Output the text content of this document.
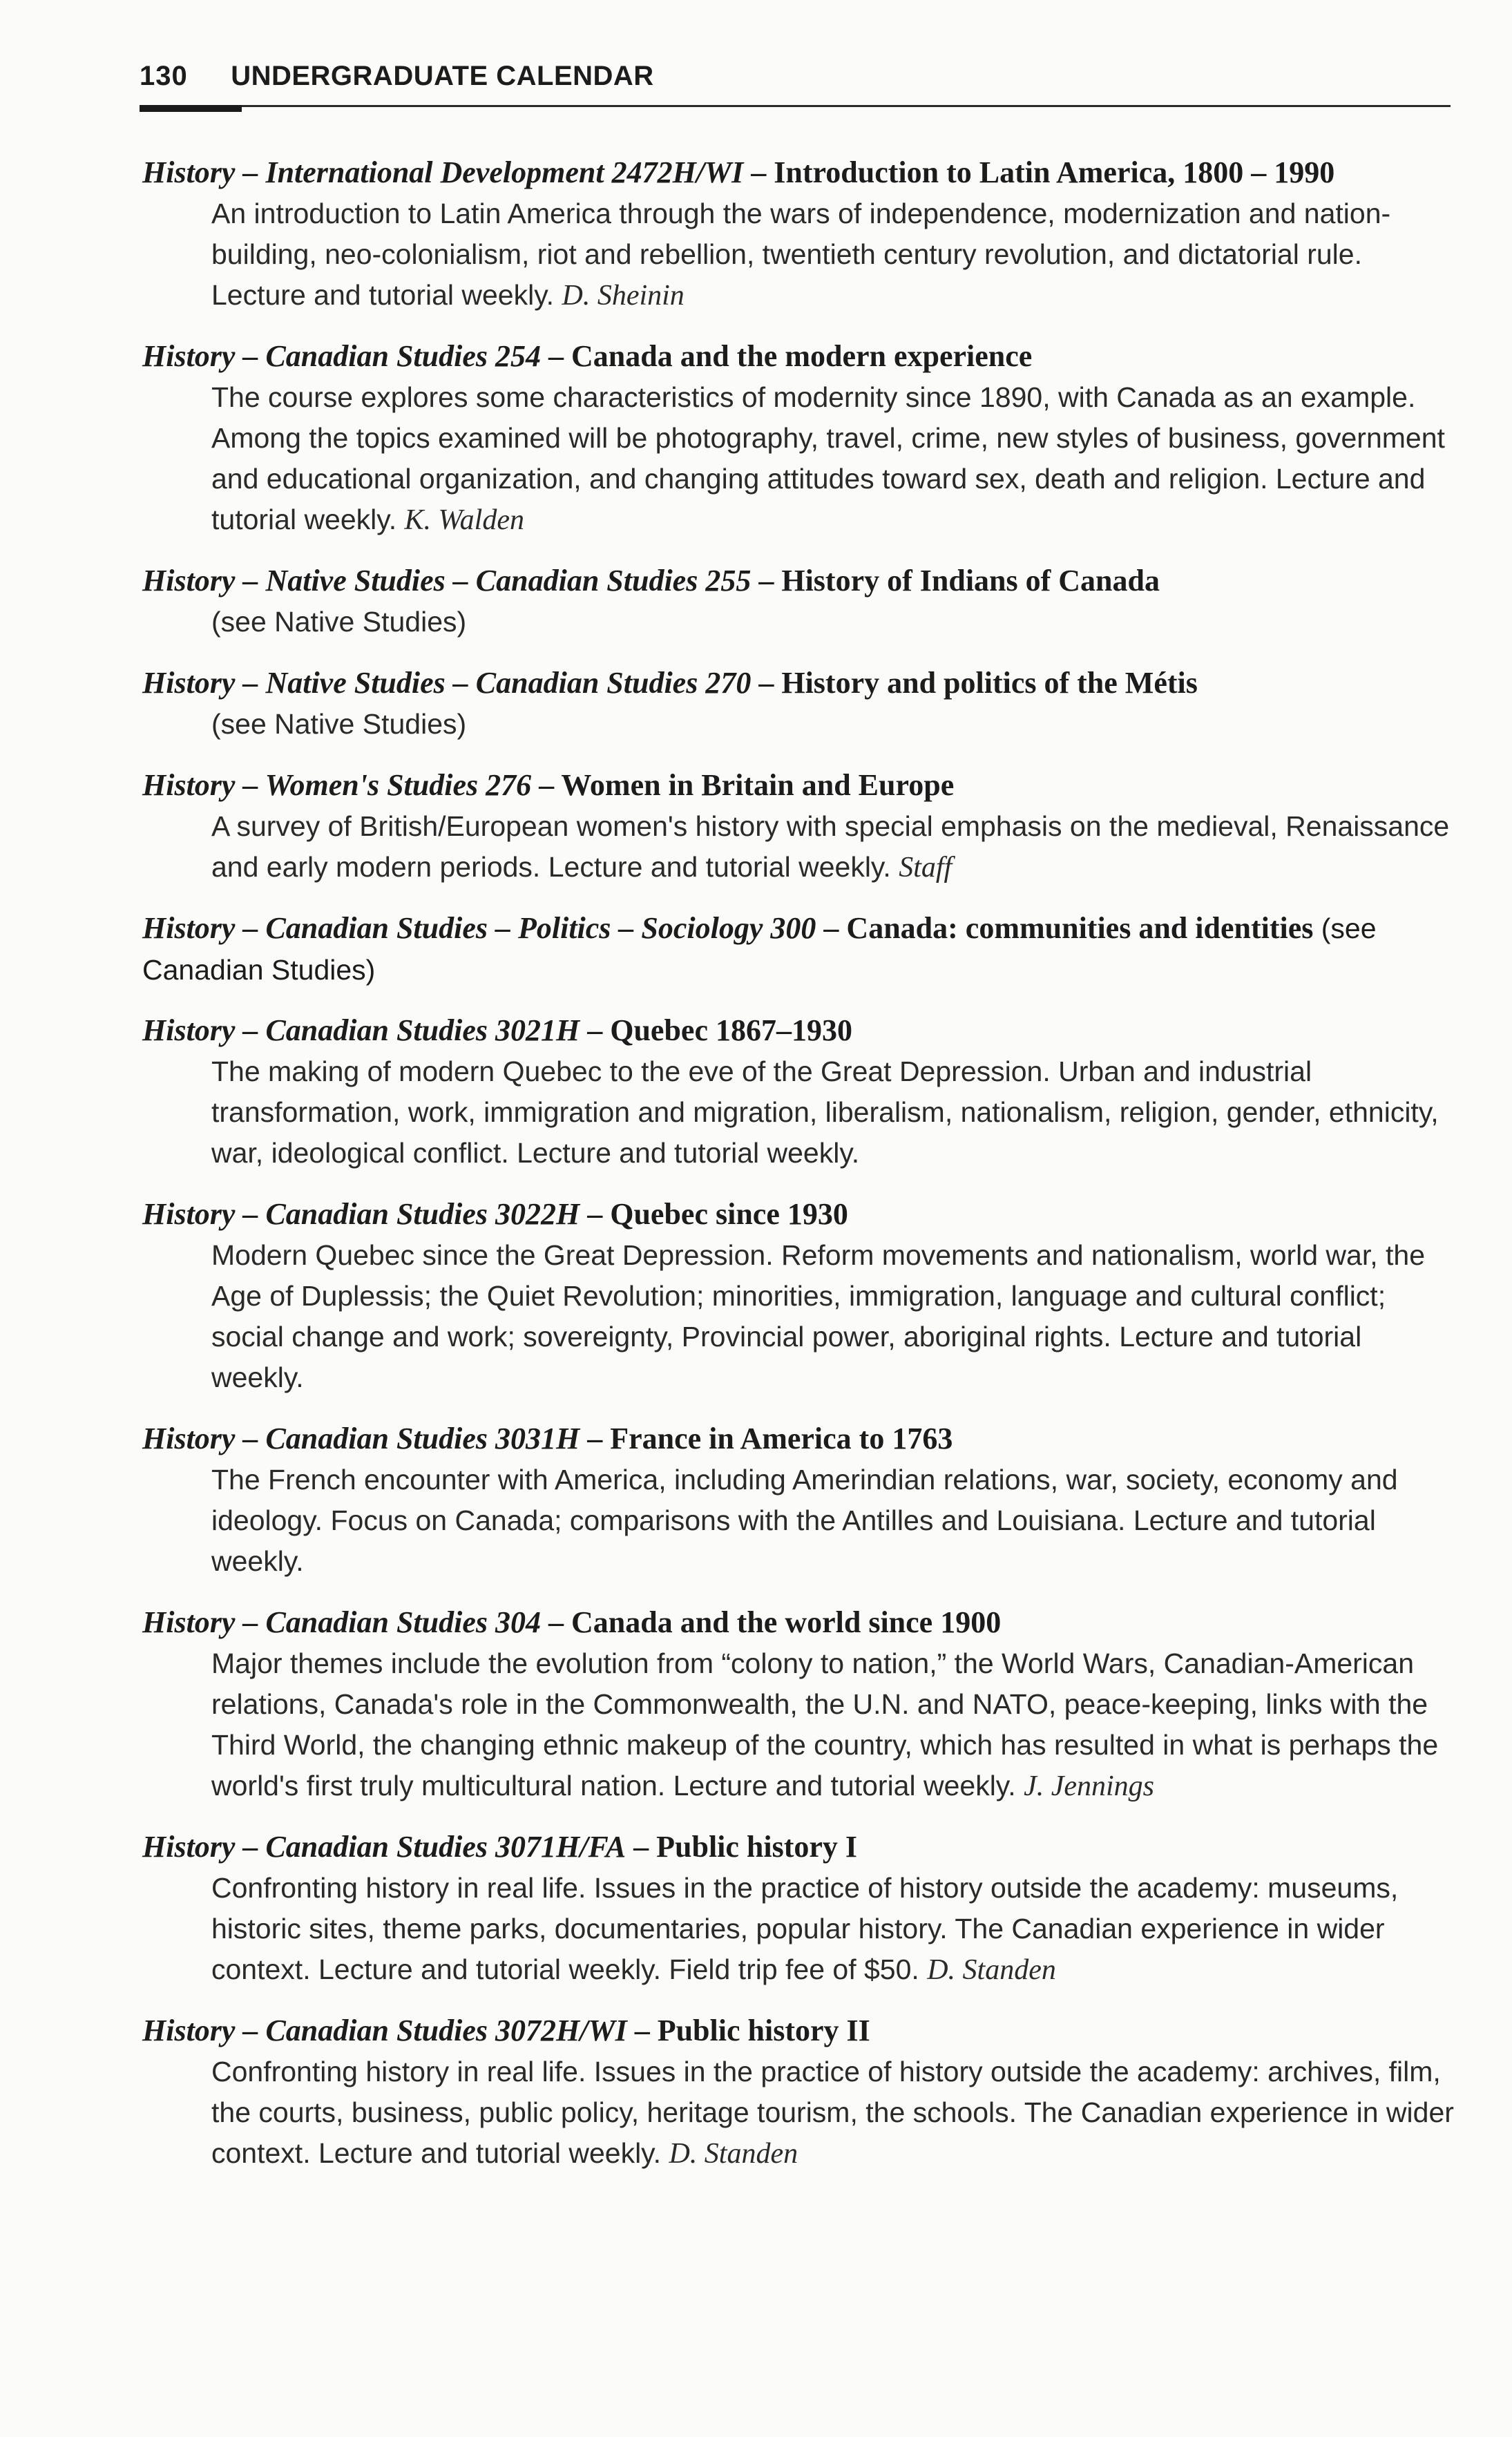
130 UNDERGRADUATE CALENDAR
History – International Development 2472H/WI – Introduction to Latin America, 1800 – 1990
An introduction to Latin America through the wars of independence, modernization and nation-building, neo-colonialism, riot and rebellion, twentieth century revolution, and dictatorial rule. Lecture and tutorial weekly. D. Sheinin
History – Canadian Studies 254 – Canada and the modern experience
The course explores some characteristics of modernity since 1890, with Canada as an example. Among the topics examined will be photography, travel, crime, new styles of business, government and educational organization, and changing attitudes toward sex, death and religion. Lecture and tutorial weekly. K. Walden
History – Native Studies – Canadian Studies 255 – History of Indians of Canada
(see Native Studies)
History – Native Studies – Canadian Studies 270 – History and politics of the Métis
(see Native Studies)
History – Women's Studies 276 – Women in Britain and Europe
A survey of British/European women's history with special emphasis on the medieval, Renaissance and early modern periods. Lecture and tutorial weekly. Staff
History – Canadian Studies – Politics – Sociology 300 – Canada: communities and identities (see Canadian Studies)
History – Canadian Studies 3021H – Quebec 1867–1930
The making of modern Quebec to the eve of the Great Depression. Urban and industrial transformation, work, immigration and migration, liberalism, nationalism, religion, gender, ethnicity, war, ideological conflict. Lecture and tutorial weekly.
History – Canadian Studies 3022H – Quebec since 1930
Modern Quebec since the Great Depression. Reform movements and nationalism, world war, the Age of Duplessis; the Quiet Revolution; minorities, immigration, language and cultural conflict; social change and work; sovereignty, Provincial power, aboriginal rights. Lecture and tutorial weekly.
History – Canadian Studies 3031H – France in America to 1763
The French encounter with America, including Amerindian relations, war, society, economy and ideology. Focus on Canada; comparisons with the Antilles and Louisiana. Lecture and tutorial weekly.
History – Canadian Studies 304 – Canada and the world since 1900
Major themes include the evolution from “colony to nation,” the World Wars, Canadian-American relations, Canada's role in the Commonwealth, the U.N. and NATO, peace-keeping, links with the Third World, the changing ethnic makeup of the country, which has resulted in what is perhaps the world's first truly multicultural nation. Lecture and tutorial weekly. J. Jennings
History – Canadian Studies 3071H/FA – Public history I
Confronting history in real life. Issues in the practice of history outside the academy: museums, historic sites, theme parks, documentaries, popular history. The Canadian experience in wider context. Lecture and tutorial weekly. Field trip fee of $50. D. Standen
History – Canadian Studies 3072H/WI – Public history II
Confronting history in real life. Issues in the practice of history outside the academy: archives, film, the courts, business, public policy, heritage tourism, the schools. The Canadian experience in wider context. Lecture and tutorial weekly. D. Standen
